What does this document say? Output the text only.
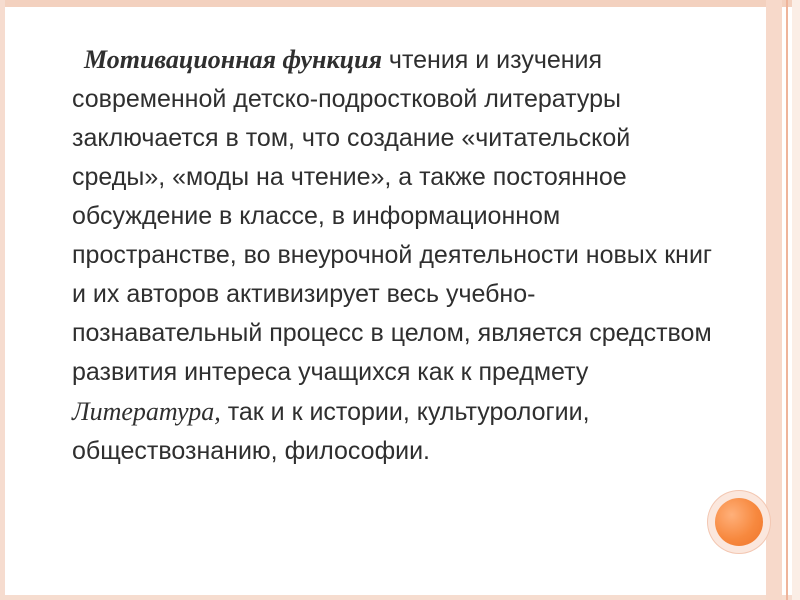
Мотивационная функция чтения и изучения современной детско-подростковой литературы заключается в том, что создание «читательской среды», «моды на чтение», а также постоянное обсуждение в классе, в информационном пространстве, во внеурочной деятельности новых книг и их авторов активизирует весь учебно-познавательный процесс в целом, является средством развития интереса учащихся как к предмету Литература, так и к истории, культурологии, обществознанию, философии.
